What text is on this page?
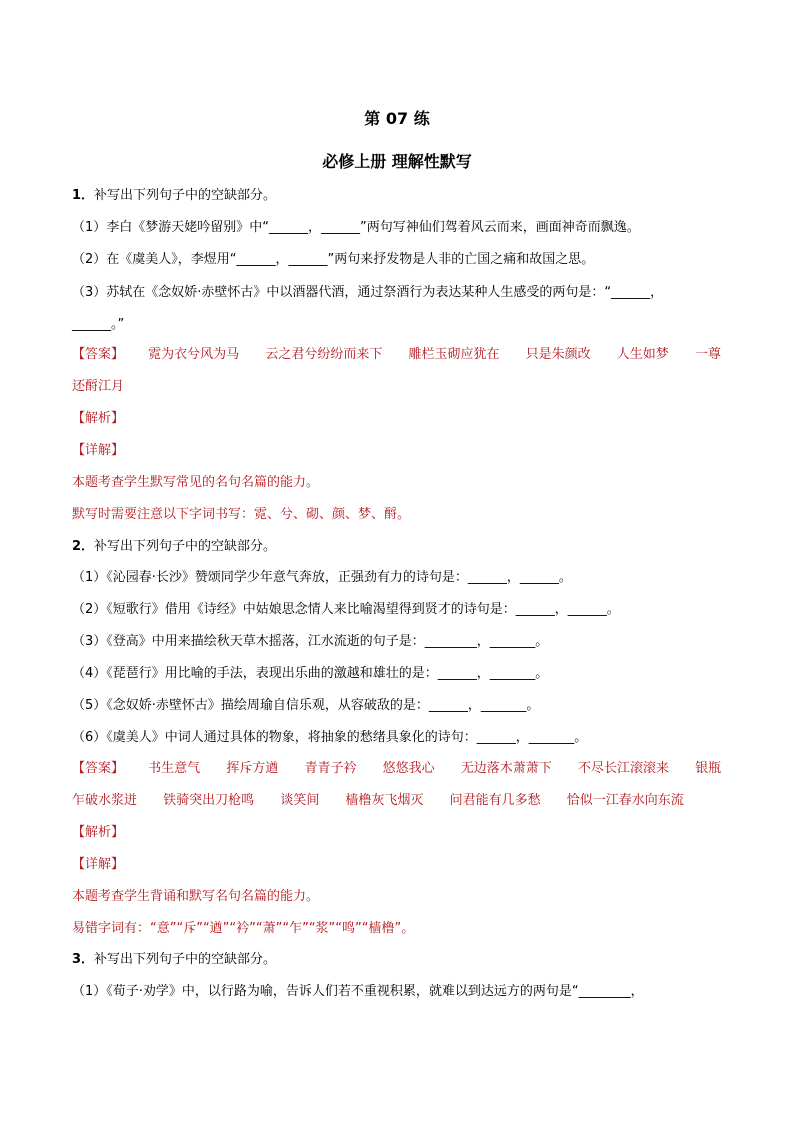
第 07 练
必修上册 理解性默写
1．补写出下列句子中的空缺部分。
（1）李白《梦游天姥吟留别》中“______，______”两句写神仙们驾着风云而来，画面神奇而飘逸。
（2）在《虞美人》，李煜用“______，______”两句来抒发物是人非的亡国之痛和故国之思。
（3）苏轼在《念奴娇·赤壁怀古》中以酒器代酒，通过祭酒行为表达某种人生感受的两句是：“______，
______。”
【答案】 霓为衣兮风为马 云之君兮纷纷而来下 雕栏玉砌应犹在 只是朱颜改 人生如梦 一尊
还酹江月
【解析】
【详解】
本题考查学生默写常见的名句名篇的能力。
默写时需要注意以下字词书写：霓、兮、砌、颜、梦、酹。
2．补写出下列句子中的空缺部分。
（1）《沁园春·长沙》赞颂同学少年意气奔放，正强劲有力的诗句是：______，______。
（2）《短歌行》借用《诗经》中姑娘思念情人来比喻渴望得到贤才的诗句是：______，______。
（3）《登高》中用来描绘秋天草木摇落，江水流逝的句子是：________，_______。
（4）《琵琶行》用比喻的手法，表现出乐曲的激越和雄壮的是：______，_______。
（5）《念奴娇·赤壁怀古》描绘周瑜自信乐观，从容破敌的是：______，_______。
（6）《虞美人》中词人通过具体的物象，将抽象的愁绪具象化的诗句：______，_______。
【答案】 书生意气 挥斥方遒 青青子衿 悠悠我心 无边落木萧萧下 不尽长江滚滚来 银瓶
乍破水浆迸 铁骑突出刀枪鸣 谈笑间 樯橹灰飞烟灭 问君能有几多愁 恰似一江春水向东流
【解析】
【详解】
本题考查学生背诵和默写名句名篇的能力。
易错字词有：“意”“斥”“遒”“衿”“萧”“乍”“浆”“鸣”“樯橹”。
3．补写出下列句子中的空缺部分。
（1）《荀子·劝学》中，以行路为喻，告诉人们若不重视积累，就难以到达远方的两句是“________，
